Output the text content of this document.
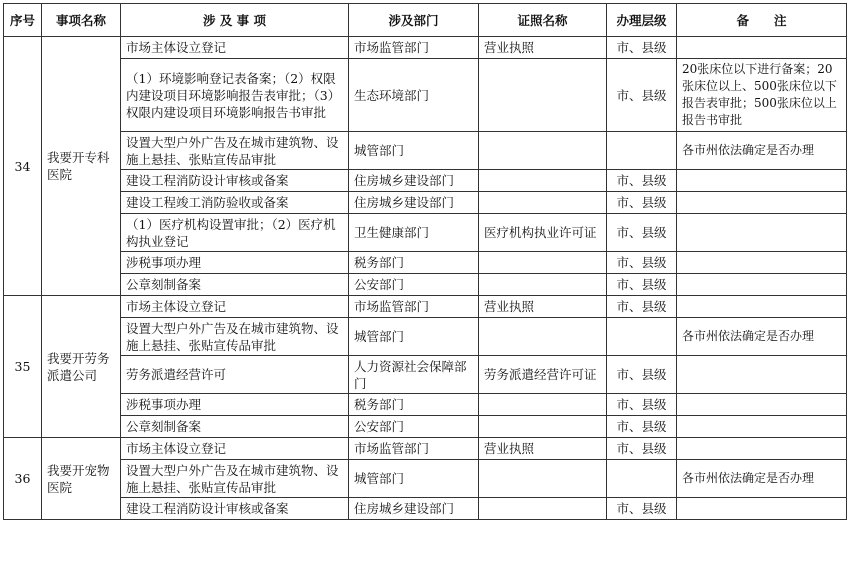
序号	事项名称	涉 及 事 项	涉及部门	证照名称	办理层级	备　　注
34	我要开专科医院	市场主体设立登记	市场监管部门	营业执照	市、县级	
		（1）环境影响登记表备案；（2）权限内建设项目环境影响报告表审批；（3）权限内建设项目环境影响报告书审批	生态环境部门		市、县级	20张床位以下进行备案；20张床位以上、500张床位以下报告表审批；500张床位以上报告书审批
		设置大型户外广告及在城市建筑物、设施上悬挂、张贴宣传品审批	城管部门			各市州依法确定是否办理
		建设工程消防设计审核或备案	住房城乡建设部门		市、县级	
		建设工程竣工消防验收或备案	住房城乡建设部门		市、县级	
		（1）医疗机构设置审批；（2）医疗机构执业登记	卫生健康部门	医疗机构执业许可证	市、县级	
		涉税事项办理	税务部门		市、县级	
		公章刻制备案	公安部门		市、县级	
35	我要开劳务派遣公司	市场主体设立登记	市场监管部门	营业执照	市、县级	
		设置大型户外广告及在城市建筑物、设施上悬挂、张贴宣传品审批	城管部门			各市州依法确定是否办理
		劳务派遣经营许可	人力资源社会保障部门	劳务派遣经营许可证	市、县级	
		涉税事项办理	税务部门		市、县级	
		公章刻制备案	公安部门		市、县级	
36	我要开宠物医院	市场主体设立登记	市场监管部门	营业执照	市、县级	
		设置大型户外广告及在城市建筑物、设施上悬挂、张贴宣传品审批	城管部门			各市州依法确定是否办理
		建设工程消防设计审核或备案	住房城乡建设部门		市、县级	
